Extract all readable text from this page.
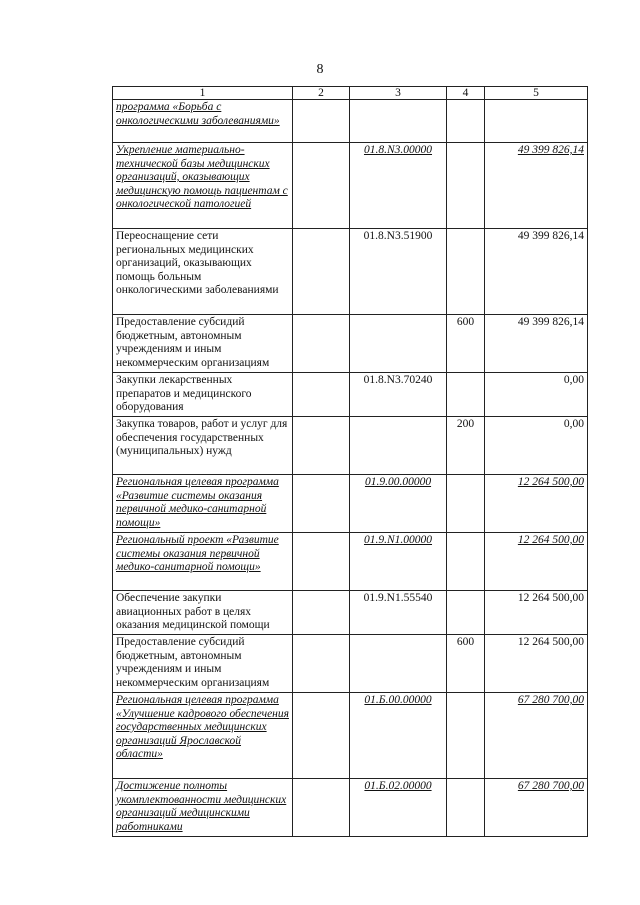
8
1	2	3	4	5
программа «Борьба с онкологическими заболеваниями»				
Укрепление материально-технической базы медицинских организаций, оказывающих медицинскую помощь пациентам с онкологической патологией		01.8.N3.00000		49 399 826,14
Переоснащение сети региональных медицинских организаций, оказывающих помощь больным онкологическими заболеваниями		01.8.N3.51900		49 399 826,14
Предоставление субсидий бюджетным, автономным учреждениям и иным некоммерческим организациям			600	49 399 826,14
Закупки лекарственных препаратов и медицинского оборудования		01.8.N3.70240		0,00
Закупка товаров, работ и услуг для обеспечения государственных (муниципальных) нужд			200	0,00
Региональная целевая программа «Развитие системы оказания первичной медико-санитарной помощи»		01.9.00.00000		12 264 500,00
Региональный проект «Развитие системы оказания первичной медико-санитарной помощи»		01.9.N1.00000		12 264 500,00
Обеспечение закупки авиационных работ в целях оказания медицинской помощи		01.9.N1.55540		12 264 500,00
Предоставление субсидий бюджетным, автономным учреждениям и иным некоммерческим организациям			600	12 264 500,00
Региональная целевая программа «Улучшение кадрового обеспечения государственных медицинских организаций Ярославской области»		01.Б.00.00000		67 280 700,00
Достижение полноты укомплектованности медицинских организаций медицинскими работниками		01.Б.02.00000		67 280 700,00
